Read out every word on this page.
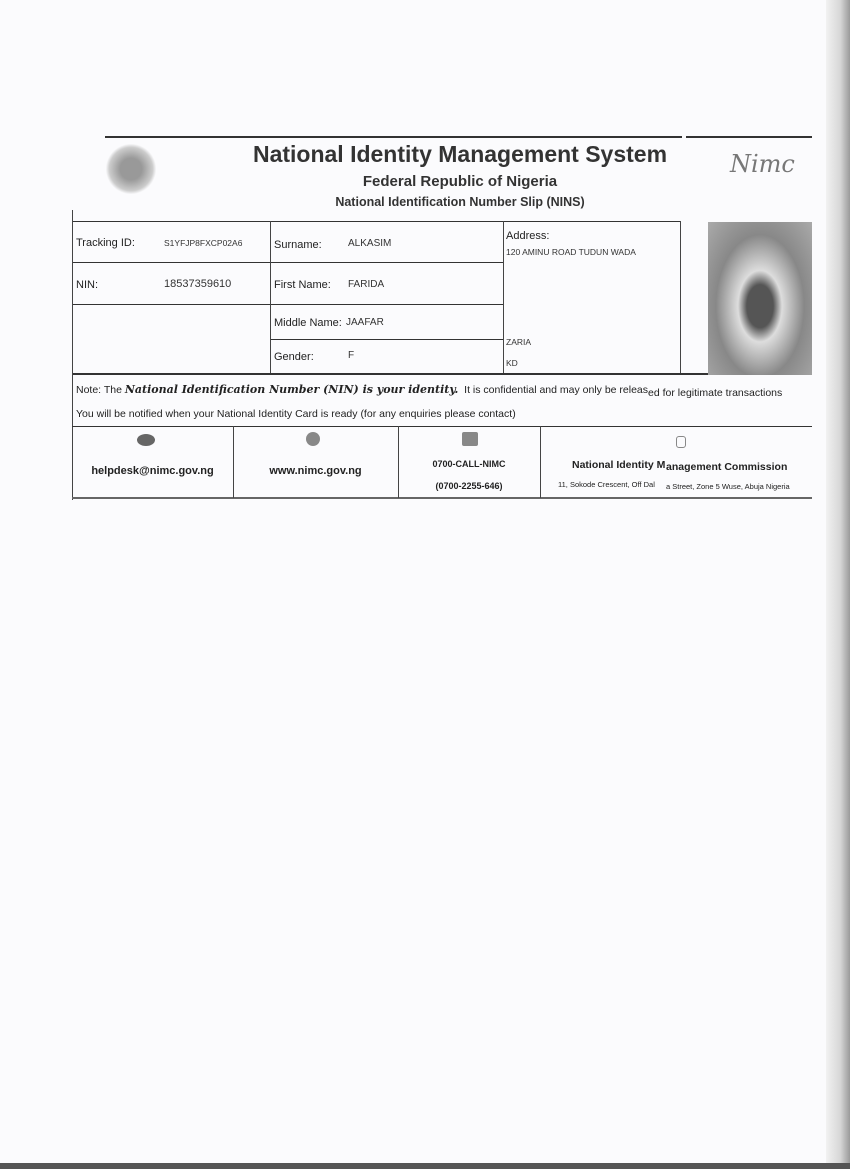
Nimc
National Identity Management System
Federal Republic of Nigeria
National Identification Number Slip (NINS)
Tracking ID:	S1YFJP8FXCP02A6
NIN:	18537359610
Surname:	ALKASIM
First Name: FARIDA
Middle Name: JAAFAR
Gender:	F
Address:
120 AMINU ROAD TUDUN WADA
ZARIA
KD
Note: The National Identification Number (NIN) is your identity. It is confidential and may only be released for legitimate transactions
You will be notified when your National Identity Card is ready (for any enquiries please contact)
helpdesk@nimc.gov.ng	www.nimc.gov.ng
0700-CALL-NIMC
(0700-2255-646)
National Identity M anagement Commission
11, Sokode Crescent, Off Dal a Street, Zone 5 Wuse, Abuja Nigeria
